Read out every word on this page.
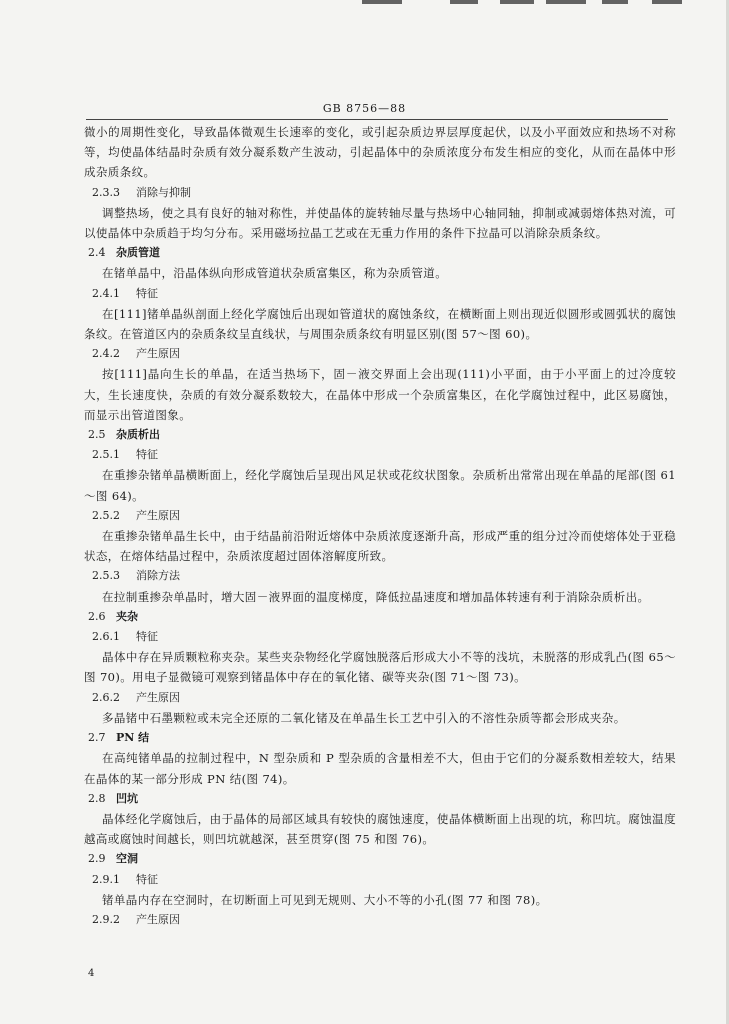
GB 8756—88

微小的周期性变化，导致晶体微观生长速率的变化，或引起杂质边界层厚度起伏，以及小平面效应和热场不对称等，均使晶体结晶时杂质有效分凝系数产生波动，引起晶体中的杂质浓度分布发生相应的变化，从而在晶体中形成杂质条纹。

2.3.3 消除与抑制

调整热场，使之具有良好的轴对称性，并使晶体的旋转轴尽量与热场中心轴同轴，抑制或减弱熔体热对流，可以使晶体中杂质趋于均匀分布。采用磁场拉晶工艺或在无重力作用的条件下拉晶可以消除杂质条纹。

2.4 杂质管道

在锗单晶中，沿晶体纵向形成管道状杂质富集区，称为杂质管道。

2.4.1 特征

在[111]锗单晶纵剖面上经化学腐蚀后出现如管道状的腐蚀条纹，在横断面上则出现近似圆形或圆弧状的腐蚀条纹。在管道区内的杂质条纹呈直线状，与周围杂质条纹有明显区别(图 57～图 60)。

2.4.2 产生原因

按[111]晶向生长的单晶，在适当热场下，固－液交界面上会出现(111)小平面，由于小平面上的过冷度较大，生长速度快，杂质的有效分凝系数较大，在晶体中形成一个杂质富集区，在化学腐蚀过程中，此区易腐蚀，而显示出管道图象。

2.5 杂质析出
2.5.1 特征

在重掺杂锗单晶横断面上，经化学腐蚀后呈现出风足状或花纹状图象。杂质析出常常出现在单晶的尾部(图 61～图 64)。

2.5.2 产生原因

在重掺杂锗单晶生长中，由于结晶前沿附近熔体中杂质浓度逐渐升高，形成严重的组分过冷而使熔体处于亚稳状态，在熔体结晶过程中，杂质浓度超过固体溶解度所致。

2.5.3 消除方法

在拉制重掺杂单晶时，增大固－液界面的温度梯度，降低拉晶速度和增加晶体转速有利于消除杂质析出。

2.6 夹杂
2.6.1 特征

晶体中存在异质颗粒称夹杂。某些夹杂物经化学腐蚀脱落后形成大小不等的浅坑，未脱落的形成乳凸(图 65～图 70)。用电子显微镜可观察到锗晶体中存在的氧化锗、碳等夹杂(图 71～图 73)。

2.6.2 产生原因

多晶锗中石墨颗粒或未完全还原的二氧化锗及在单晶生长工艺中引入的不溶性杂质等都会形成夹杂。

2.7 PN 结

在高纯锗单晶的拉制过程中，N 型杂质和 P 型杂质的含量相差不大，但由于它们的分凝系数相差较大，结果在晶体的某一部分形成 PN 结(图 74)。

2.8 凹坑

晶体经化学腐蚀后，由于晶体的局部区域具有较快的腐蚀速度，使晶体横断面上出现的坑，称凹坑。腐蚀温度越高或腐蚀时间越长，则凹坑就越深，甚至贯穿(图 75 和图 76)。

2.9 空洞
2.9.1 特征

锗单晶内存在空洞时，在切断面上可见到无规则、大小不等的小孔(图 77 和图 78)。

2.9.2 产生原因
4
